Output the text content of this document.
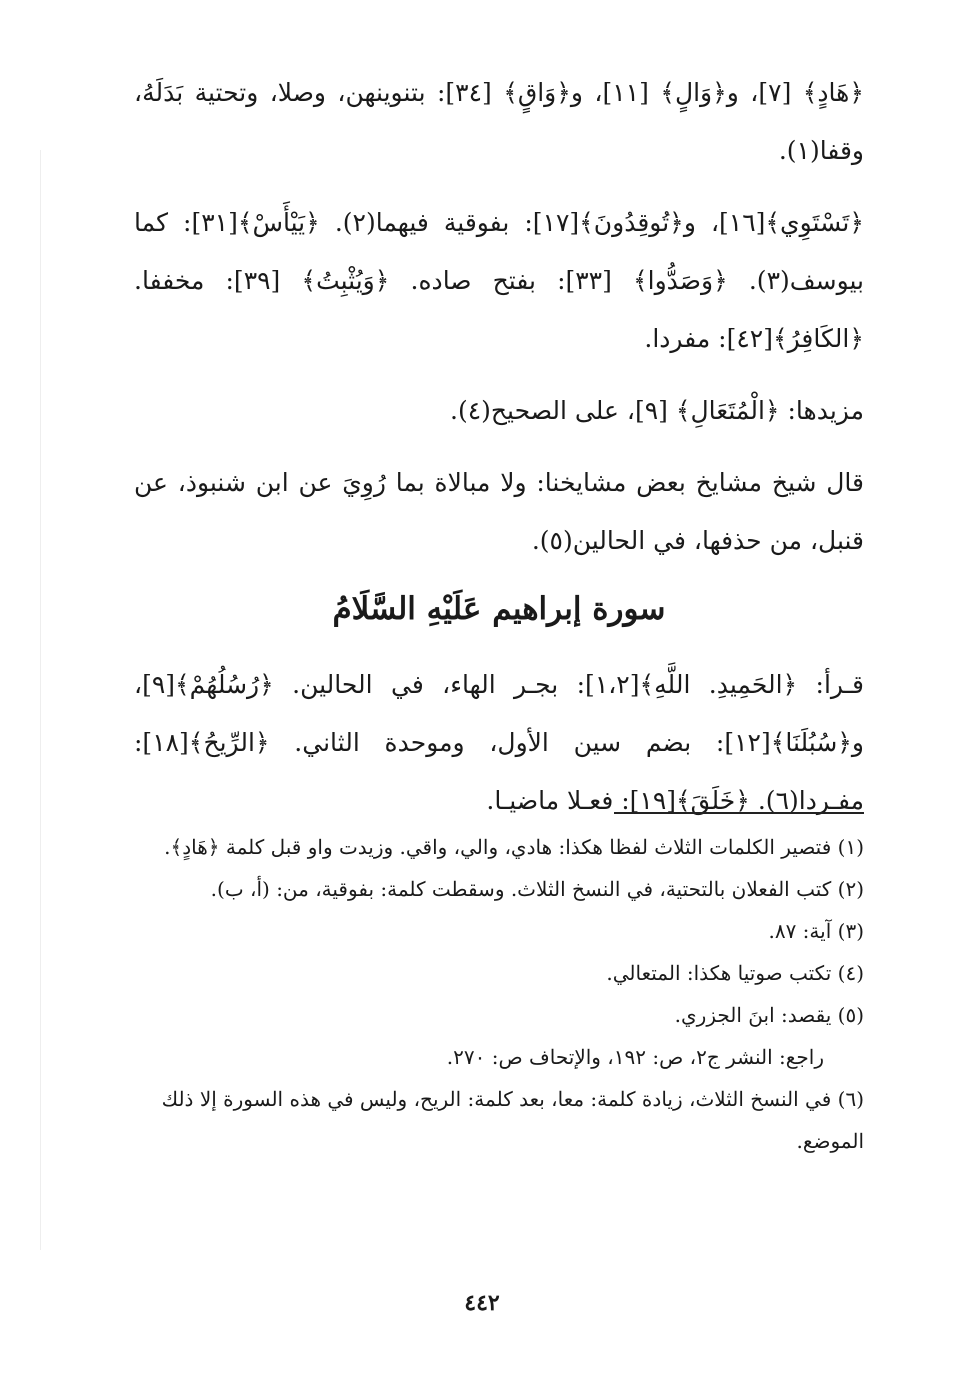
﴿هَادٍ﴾ [٧]، و﴿وَالٍ﴾ [١١]، و﴿وَاقٍ﴾ [٣٤]: بتنوينهن، وصلا، وتحتية بَدَلَهُ، وقفا(١).

﴿تَسْتَوِي﴾[١٦]، و﴿تُوقِدُونَ﴾[١٧]: بفوقية فيهما(٢). ﴿يَيْأَسْ﴾[٣١]: كما بيوسف(٣). ﴿وَصَدُّوا﴾ [٣٣]: بفتح صاده. ﴿وَيُثْبِتُ﴾ [٣٩]: مخففا. ﴿الكَافِرُ﴾[٤٢]: مفردا.

مزيدها: ﴿الْمُتَعَالِ﴾ [٩]، على الصحيح(٤).

قال شيخ مشايخ بعض مشايخنا: ولا مبالاة بما رُوِيَ عن ابن شنبوذ، عن قنبل، من حذفها، في الحالين(٥).

سورة إبراهيم عَلَيْهِ السَّلَامُ

قـرأ: ﴿الحَمِيدِ. اللَّهِ﴾[١،٢]: بجـر الهاء، في الحالين. ﴿رُسُلُهُمْ﴾[٩]، و﴿سُبُلَنَا﴾[١٢]: بضم سين الأول، وموحدة الثاني. ﴿الرِّيحُ﴾[١٨]: مفـردا(٦). ﴿خَلَقَ﴾[١٩]: فعـلا ماضيـا.

(١) فتصير الكلمات الثلاث لفظا هكذا: هادي، والي، واقي. وزيدت واو قبل كلمة ﴿هَادٍ﴾.

(٢) كتب الفعلان بالتحتية، في النسخ الثلاث. وسقطت كلمة: بفوقية، من: (أ، ب).

(٣) آية: ٨٧.

(٤) تكتب صوتيا هكذا: المتعالي.

(٥) يقصد: ابنَ الجزري.

راجع: النشر ج٢، ص: ١٩٢، والإتحاف ص: ٢٧٠.

(٦) في النسخ الثلاث، زيادة كلمة: معا، بعد كلمة: الريح، وليس في هذه السورة إلا ذلك الموضع.

٤٤٢
